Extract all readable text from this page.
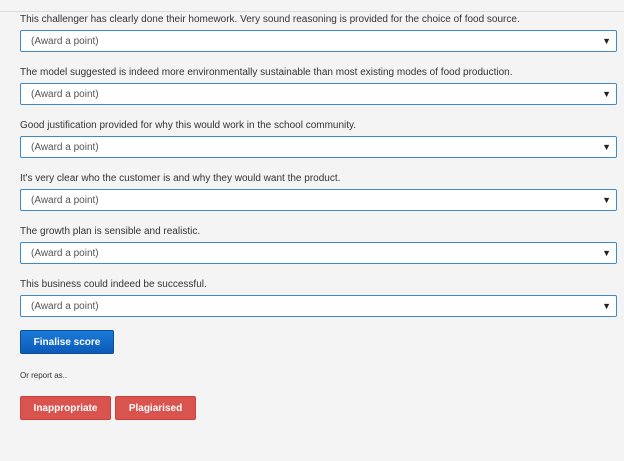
This challenger has clearly done their homework. Very sound reasoning is provided for the choice of food source.
(Award a point)	▼
The model suggested is indeed more environmentally sustainable than most existing modes of food production.
(Award a point)	▼
Good justification provided for why this would work in the school community.
(Award a point)	▼
It's very clear who the customer is and why they would want the product.
(Award a point)	▼
The growth plan is sensible and realistic.
(Award a point)	▼
This business could indeed be successful.
(Award a point)	▼
Finalise score
Or report as..
Inappropriate	Plagiarised
